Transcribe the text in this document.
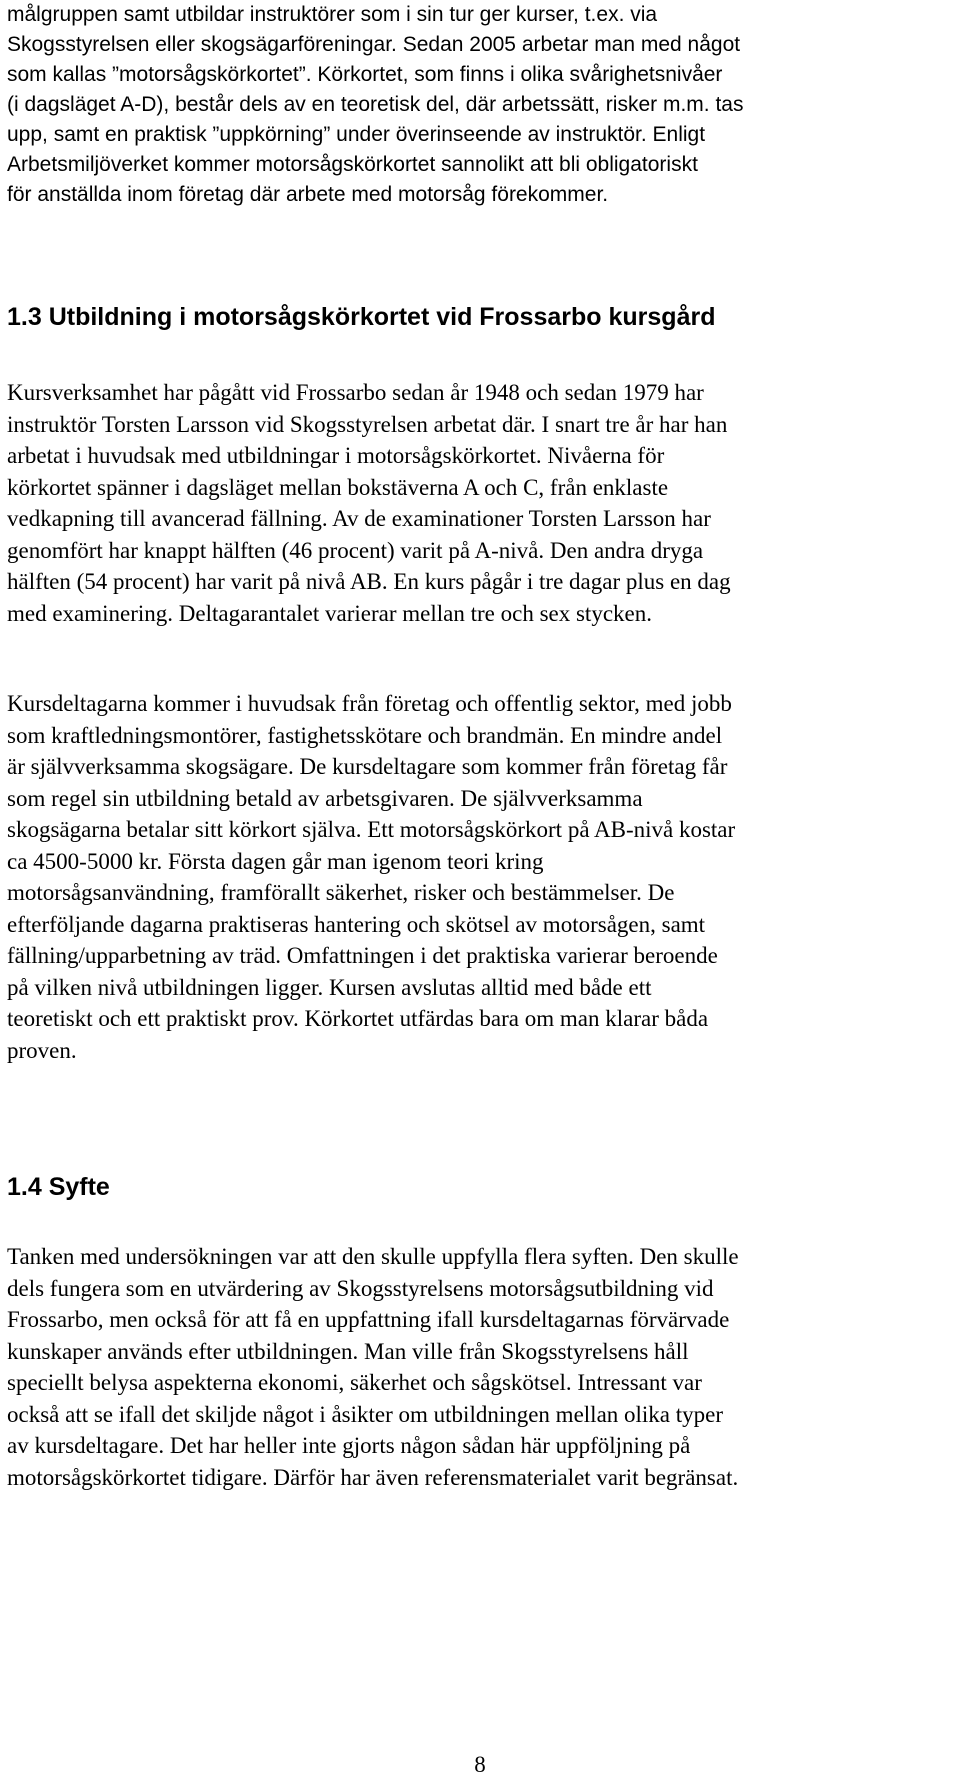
målgruppen samt utbildar instruktörer som i sin tur ger kurser, t.ex. via
Skogsstyrelsen eller skogsägarföreningar. Sedan 2005 arbetar man med något
som kallas ”motorsågskörkortet”. Körkortet, som finns i olika svårighetsnivåer
(i dagsläget A-D), består dels av en teoretisk del, där arbetssätt, risker m.m. tas
upp, samt en praktisk ”uppkörning” under överinseende av instruktör. Enligt
Arbetsmiljöverket kommer motorsågskörkortet sannolikt att bli obligatoriskt
för anställda inom företag där arbete med motorsåg förekommer.

1.3 Utbildning i motorsågskörkortet vid Frossarbo kursgård

Kursverksamhet har pågått vid Frossarbo sedan år 1948 och sedan 1979 har
instruktör Torsten Larsson vid Skogsstyrelsen arbetat där. I snart tre år har han
arbetat i huvudsak med utbildningar i motorsågskörkortet. Nivåerna för
körkortet spänner i dagsläget mellan bokstäverna A och C, från enklaste
vedkapning till avancerad fällning. Av de examinationer Torsten Larsson har
genomfört har knappt hälften (46 procent) varit på A-nivå. Den andra dryga
hälften (54 procent) har varit på nivå AB. En kurs pågår i tre dagar plus en dag
med examinering. Deltagarantalet varierar mellan tre och sex stycken.

Kursdeltagarna kommer i huvudsak från företag och offentlig sektor, med jobb
som kraftledningsmontörer, fastighetsskötare och brandmän. En mindre andel
är självverksamma skogsägare. De kursdeltagare som kommer från företag får
som regel sin utbildning betald av arbetsgivaren. De självverksamma
skogsägarna betalar sitt körkort själva. Ett motorsågskörkort på AB-nivå kostar
ca 4500-5000 kr. Första dagen går man igenom teori kring
motorsågsanvändning, framförallt säkerhet, risker och bestämmelser. De
efterföljande dagarna praktiseras hantering och skötsel av motorsågen, samt
fällning/upparbetning av träd. Omfattningen i det praktiska varierar beroende
på vilken nivå utbildningen ligger. Kursen avslutas alltid med både ett
teoretiskt och ett praktiskt prov. Körkortet utfärdas bara om man klarar båda
proven.

1.4 Syfte

Tanken med undersökningen var att den skulle uppfylla flera syften. Den skulle
dels fungera som en utvärdering av Skogsstyrelsens motorsågsutbildning vid
Frossarbo, men också för att få en uppfattning ifall kursdeltagarnas förvärvade
kunskaper används efter utbildningen. Man ville från Skogsstyrelsens håll
speciellt belysa aspekterna ekonomi, säkerhet och sågskötsel. Intressant var
också att se ifall det skiljde något i åsikter om utbildningen mellan olika typer
av kursdeltagare. Det har heller inte gjorts någon sådan här uppföljning på
motorsågskörkortet tidigare. Därför har även referensmaterialet varit begränsat.

8
